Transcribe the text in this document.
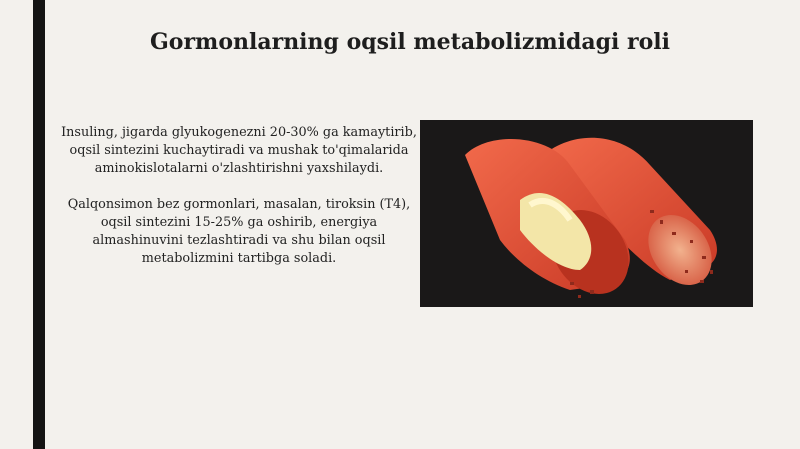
Gormonlarning oqsil metabolizmidagi roli

Insuling, jigarda glyukogenezni 20-30% ga kamaytirib, oqsil sintezini kuchaytiradi va mushak to'qimalarida aminokislotalarni o'zlashtirishni yaxshilaydi.

Qalqonsimon bez gormonlari, masalan, tiroksin (T4), oqsil sintezini 15-25% ga oshirib, energiya almashinuvini tezlashtiradi va shu bilan oqsil metabolizmini tartibga soladi.
